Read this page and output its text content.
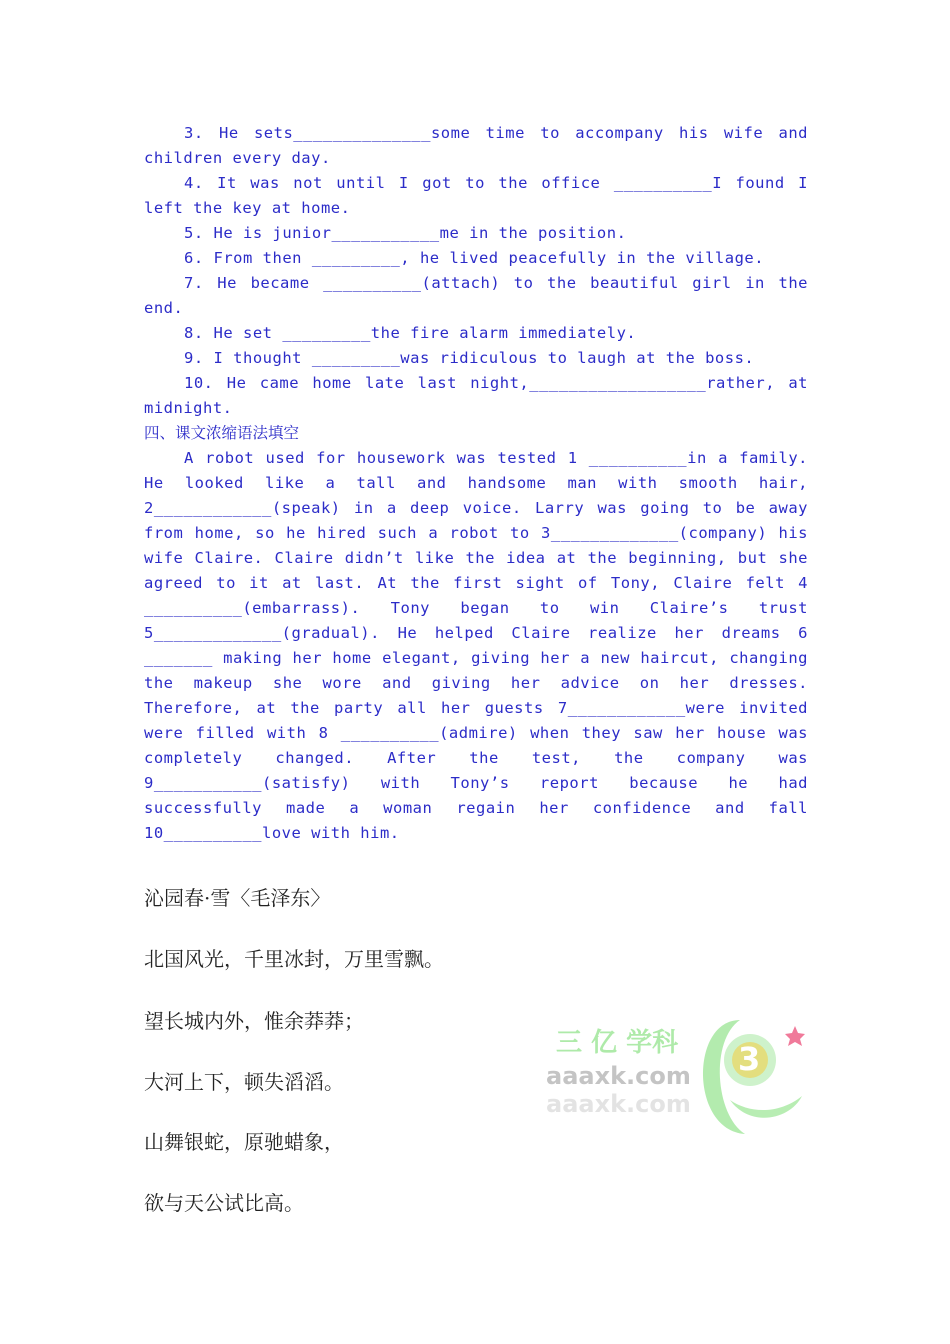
3. He sets______________some time to accompany his wife and children every day.

4. It was not until I got to the office __________I found I left the key at home.

5. He is junior___________me in the position.

6. From then _________, he lived peacefully in the village.

7. He became __________(attach) to the beautiful girl in the end.

8. He set _________the fire alarm immediately.

9. I thought _________was ridiculous to laugh at the boss.

10. He came home late last night,__________________rather, at midnight.

四、课文浓缩语法填空

A robot used for housework was tested 1 __________in a family. He looked like a tall and handsome man with smooth hair, 2____________(speak) in a deep voice. Larry was going to be away from home, so he hired such a robot to 3_____________(company) his wife Claire. Claire didn’t like the idea at the beginning, but she agreed to it at last. At the first sight of Tony, Claire felt 4 __________(embarrass). Tony began to win Claire’s trust 5_____________(gradual). He helped Claire realize her dreams 6 _______ making her home elegant, giving her a new haircut, changing the makeup she wore and giving her advice on her dresses. Therefore, at the party all her guests 7____________were invited were filled with 8 __________(admire) when they saw her house was completely changed. After the test, the company was 9___________(satisfy) with Tony’s report because he had successfully made a woman regain her confidence and fall 10__________love with him.

沁园春·雪〈毛泽东〉
北国风光，千里冰封，万里雪飘。
望长城内外，惟余莽莽；
大河上下，顿失滔滔。
山舞银蛇，原驰蜡象，
欲与天公试比高。
3
三 亿 学科
aaaxk.com
aaaxk.com
